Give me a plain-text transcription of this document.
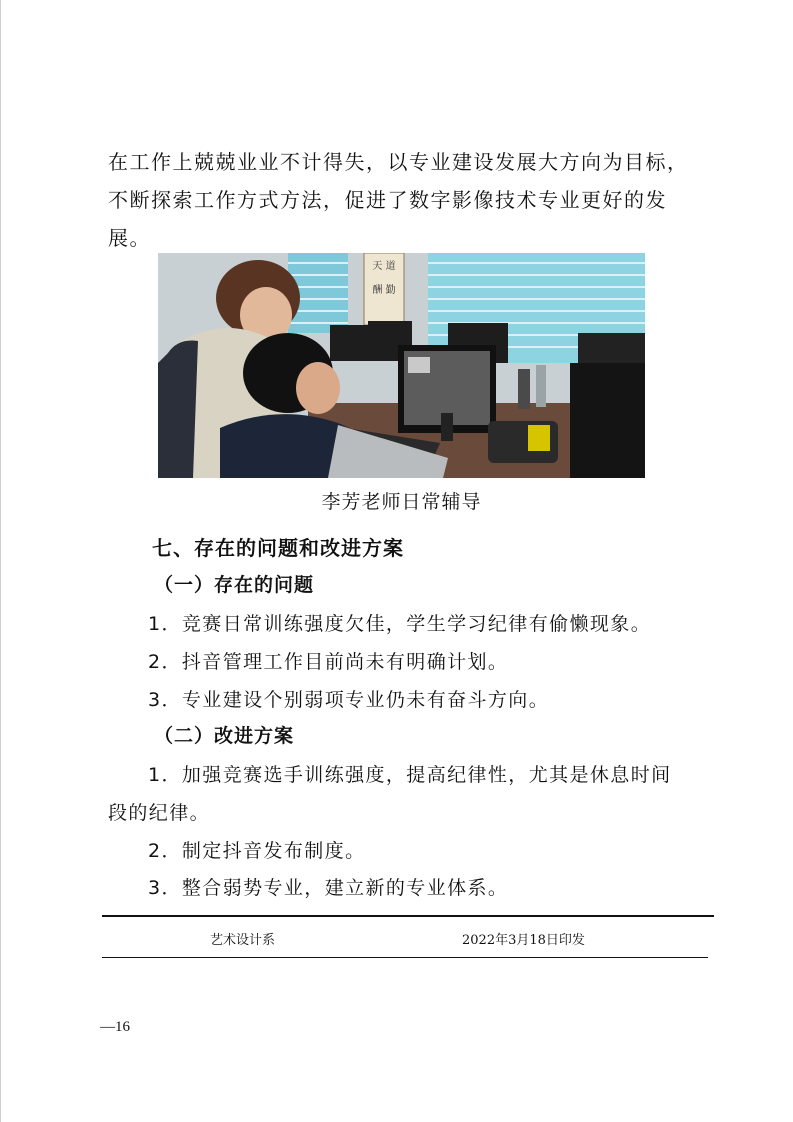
在工作上兢兢业业不计得失，以专业建设发展大方向为目标，
不断探索工作方式方法，促进了数字影像技术专业更好的发
展。

天 道
酬 勤
李芳老师日常辅导
七、存在的问题和改进方案
（一）存在的问题
1．竞赛日常训练强度欠佳，学生学习纪律有偷懒现象。
2．抖音管理工作目前尚未有明确计划。
3．专业建设个别弱项专业仍未有奋斗方向。
（二）改进方案
1．加强竞赛选手训练强度，提高纪律性，尤其是休息时间
段的纪律。
2．制定抖音发布制度。
3．整合弱势专业，建立新的专业体系。
艺术设计系	2022年3月18日印发
—16
